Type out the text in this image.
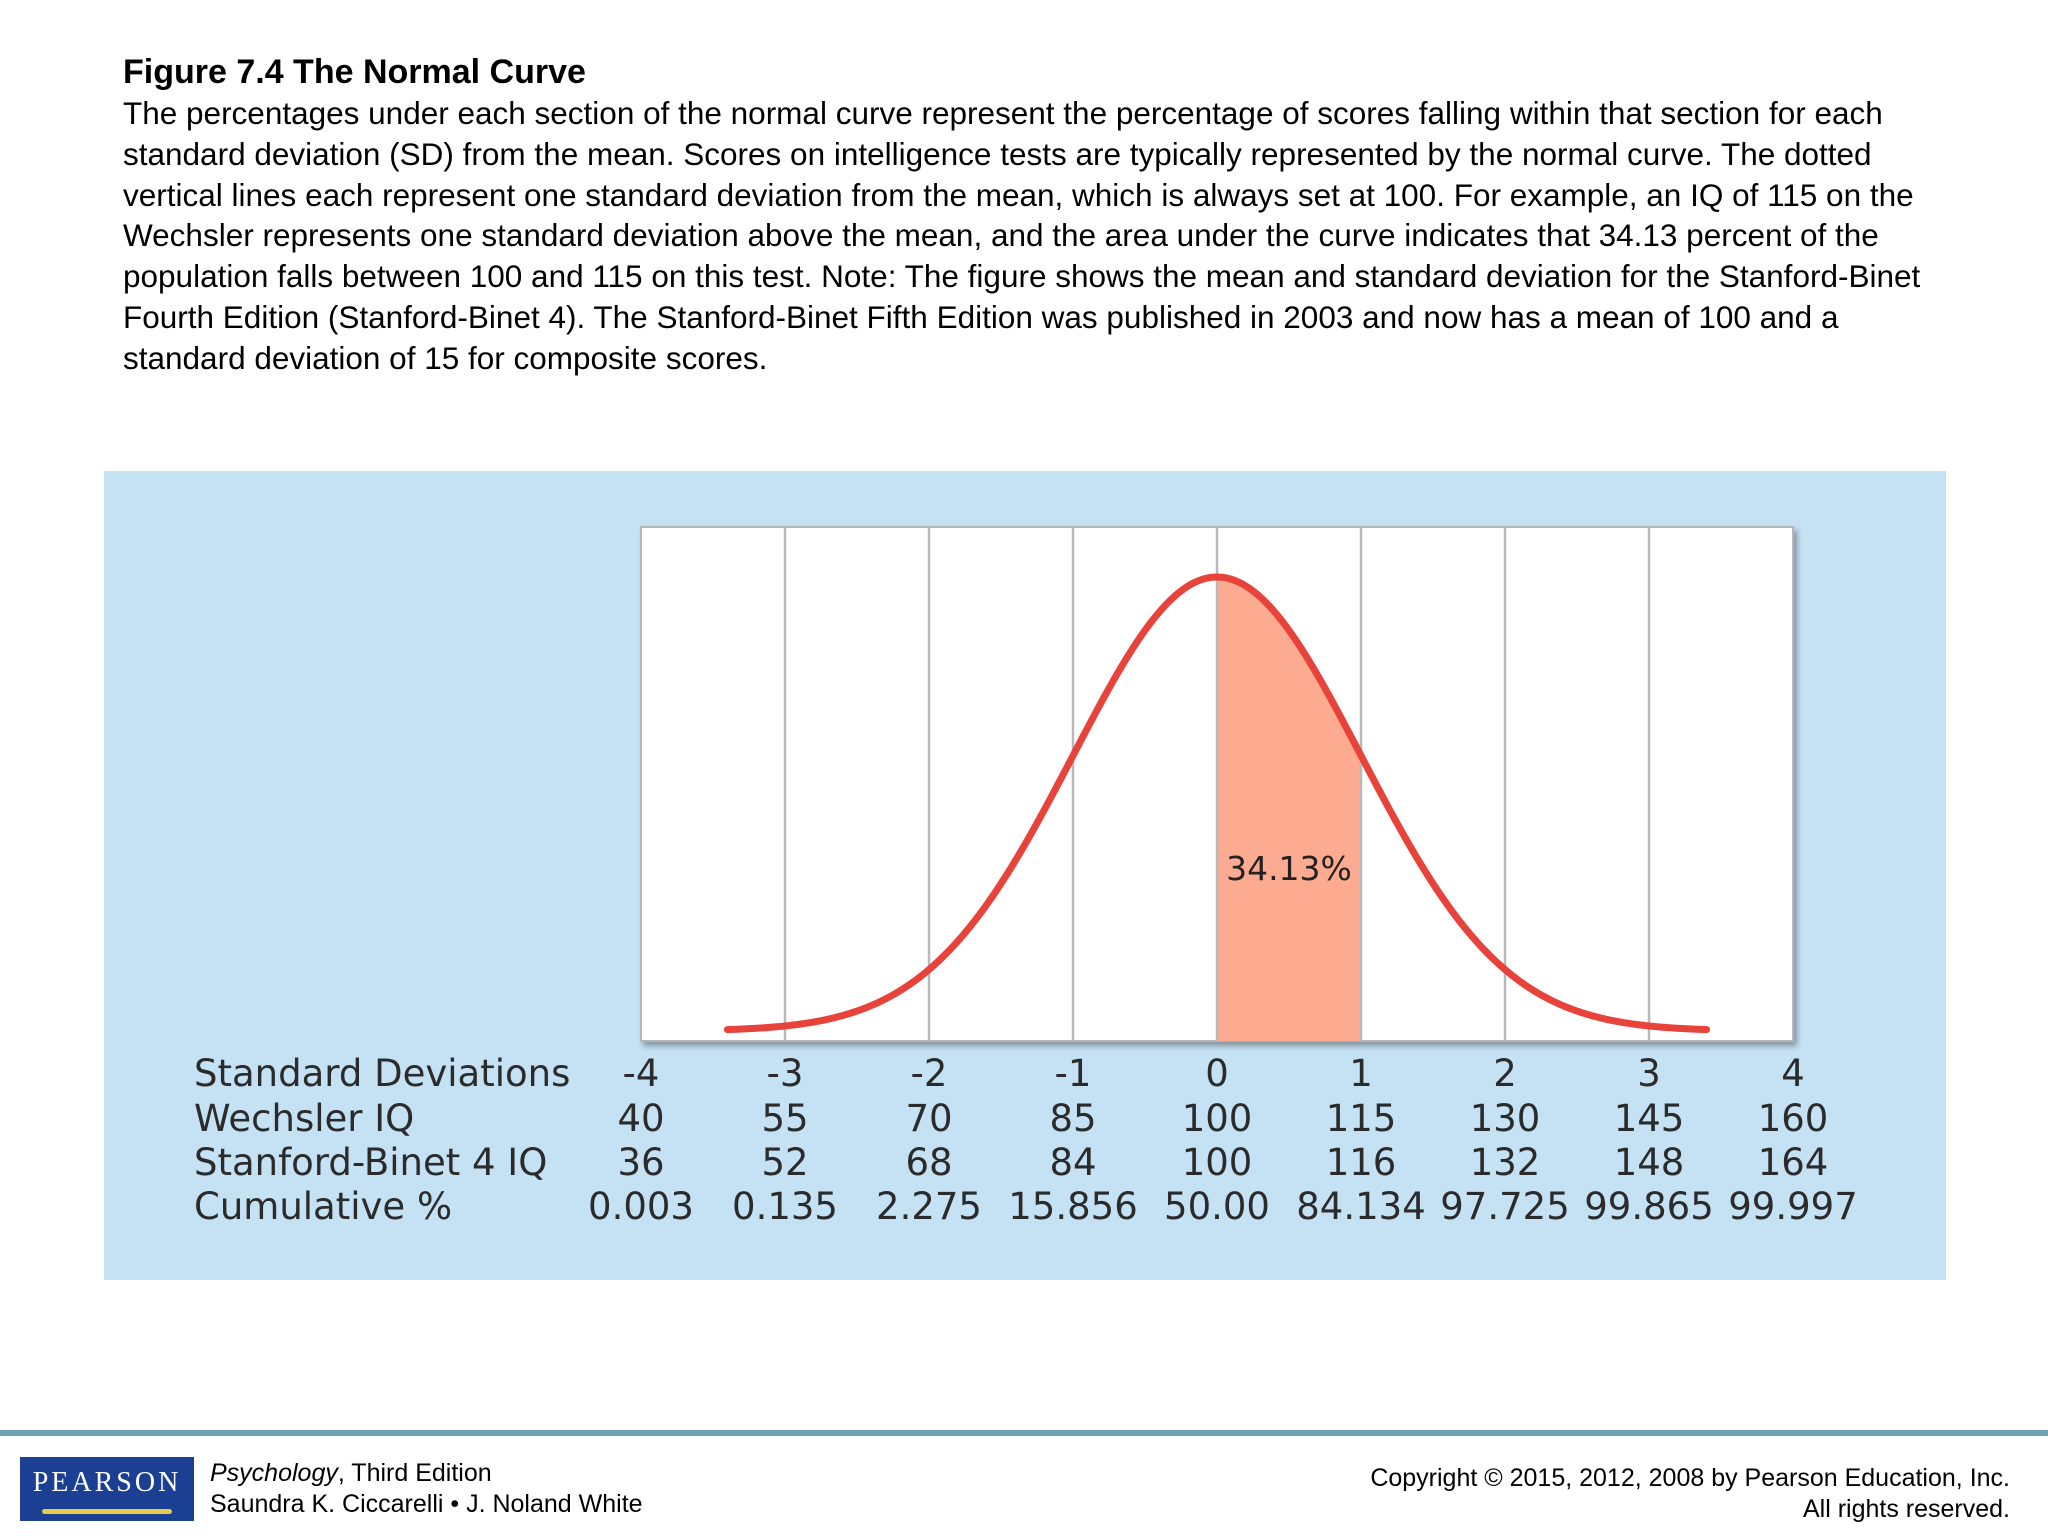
Figure 7.4 The Normal Curve

The percentages under each section of the normal curve represent the percentage of scores falling within that section for each standard deviation (SD) from the mean. Scores on intelligence tests are typically represented by the normal curve. The dotted vertical lines each represent one standard deviation from the mean, which is always set at 100. For example, an IQ of 115 on the Wechsler represents one standard deviation above the mean, and the area under the curve indicates that 34.13 percent of the population falls between 100 and 115 on this test. Note: The figure shows the mean and standard deviation for the Stanford-Binet Fourth Edition (Stanford-Binet 4). The Stanford-Binet Fifth Edition was published in 2003 and now has a mean of 100 and a standard deviation of 15 for composite scores.

34.13%
Standard Deviations -4	-3	-2	-1	0	1	2	3	4
Wechsler IQ	40	55	70	85 100 115 130 145 160
Stanford-Binet 4 IQ 36	52	68	84 100 116 132 148 164
Cumulative %	0.003 0.135 2.275 15.856 50.00 84.134 97.725 99.865 99.997
PEARSON	Psychology, Third Edition
Saundra K. Ciccarelli • J. Noland White
Copyright © 2015, 2012, 2008 by Pearson Education, Inc.
All rights reserved.
